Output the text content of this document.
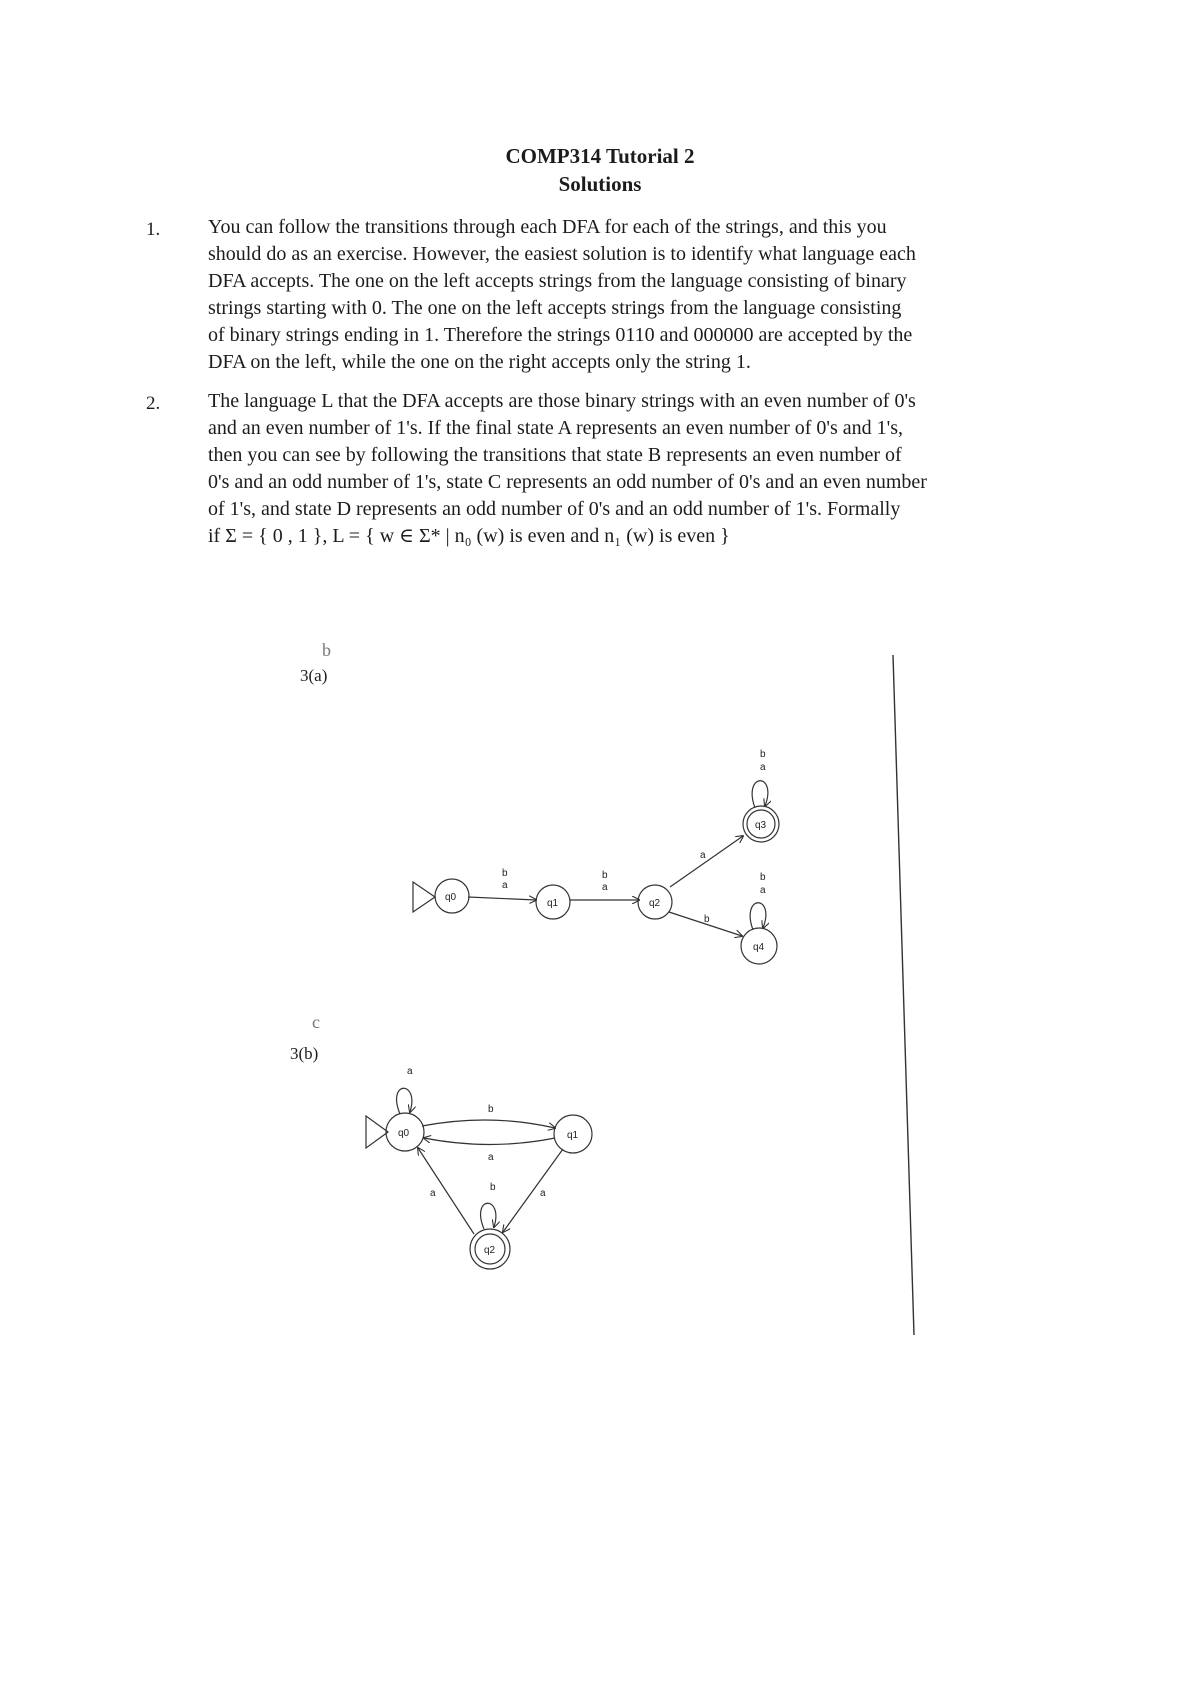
COMP314 Tutorial 2
Solutions
1. You can follow the transitions through each DFA for each of the strings, and this you
should do as an exercise. However, the easiest solution is to identify what language each
DFA accepts. The one on the left accepts strings from the language consisting of binary
strings starting with 0. The one on the left accepts strings from the language consisting
of binary strings ending in 1. Therefore the strings 0110 and 000000 are accepted by the
DFA on the left, while the one on the right accepts only the string 1.
2. The language L that the DFA accepts are those binary strings with an even number of 0's
and an even number of 1's. If the final state A represents an even number of 0's and 1's,
then you can see by following the transitions that state B represents an even number of
0's and an odd number of 1's, state C represents an odd number of 0's and an even number
of 1's, and state D represents an odd number of 0's and an odd number of 1's. Formally
if Σ = { 0 , 1 }, L = { w ∈ Σ* | n₀ (w) is even and n₁ (w) is even }
b
3(a)
c
3(b)
q0
q1	q2
q3
q4
b
a
b
a
a
b
b
a
b
a
q0	q1
q2
a
b
a
a
b
a
